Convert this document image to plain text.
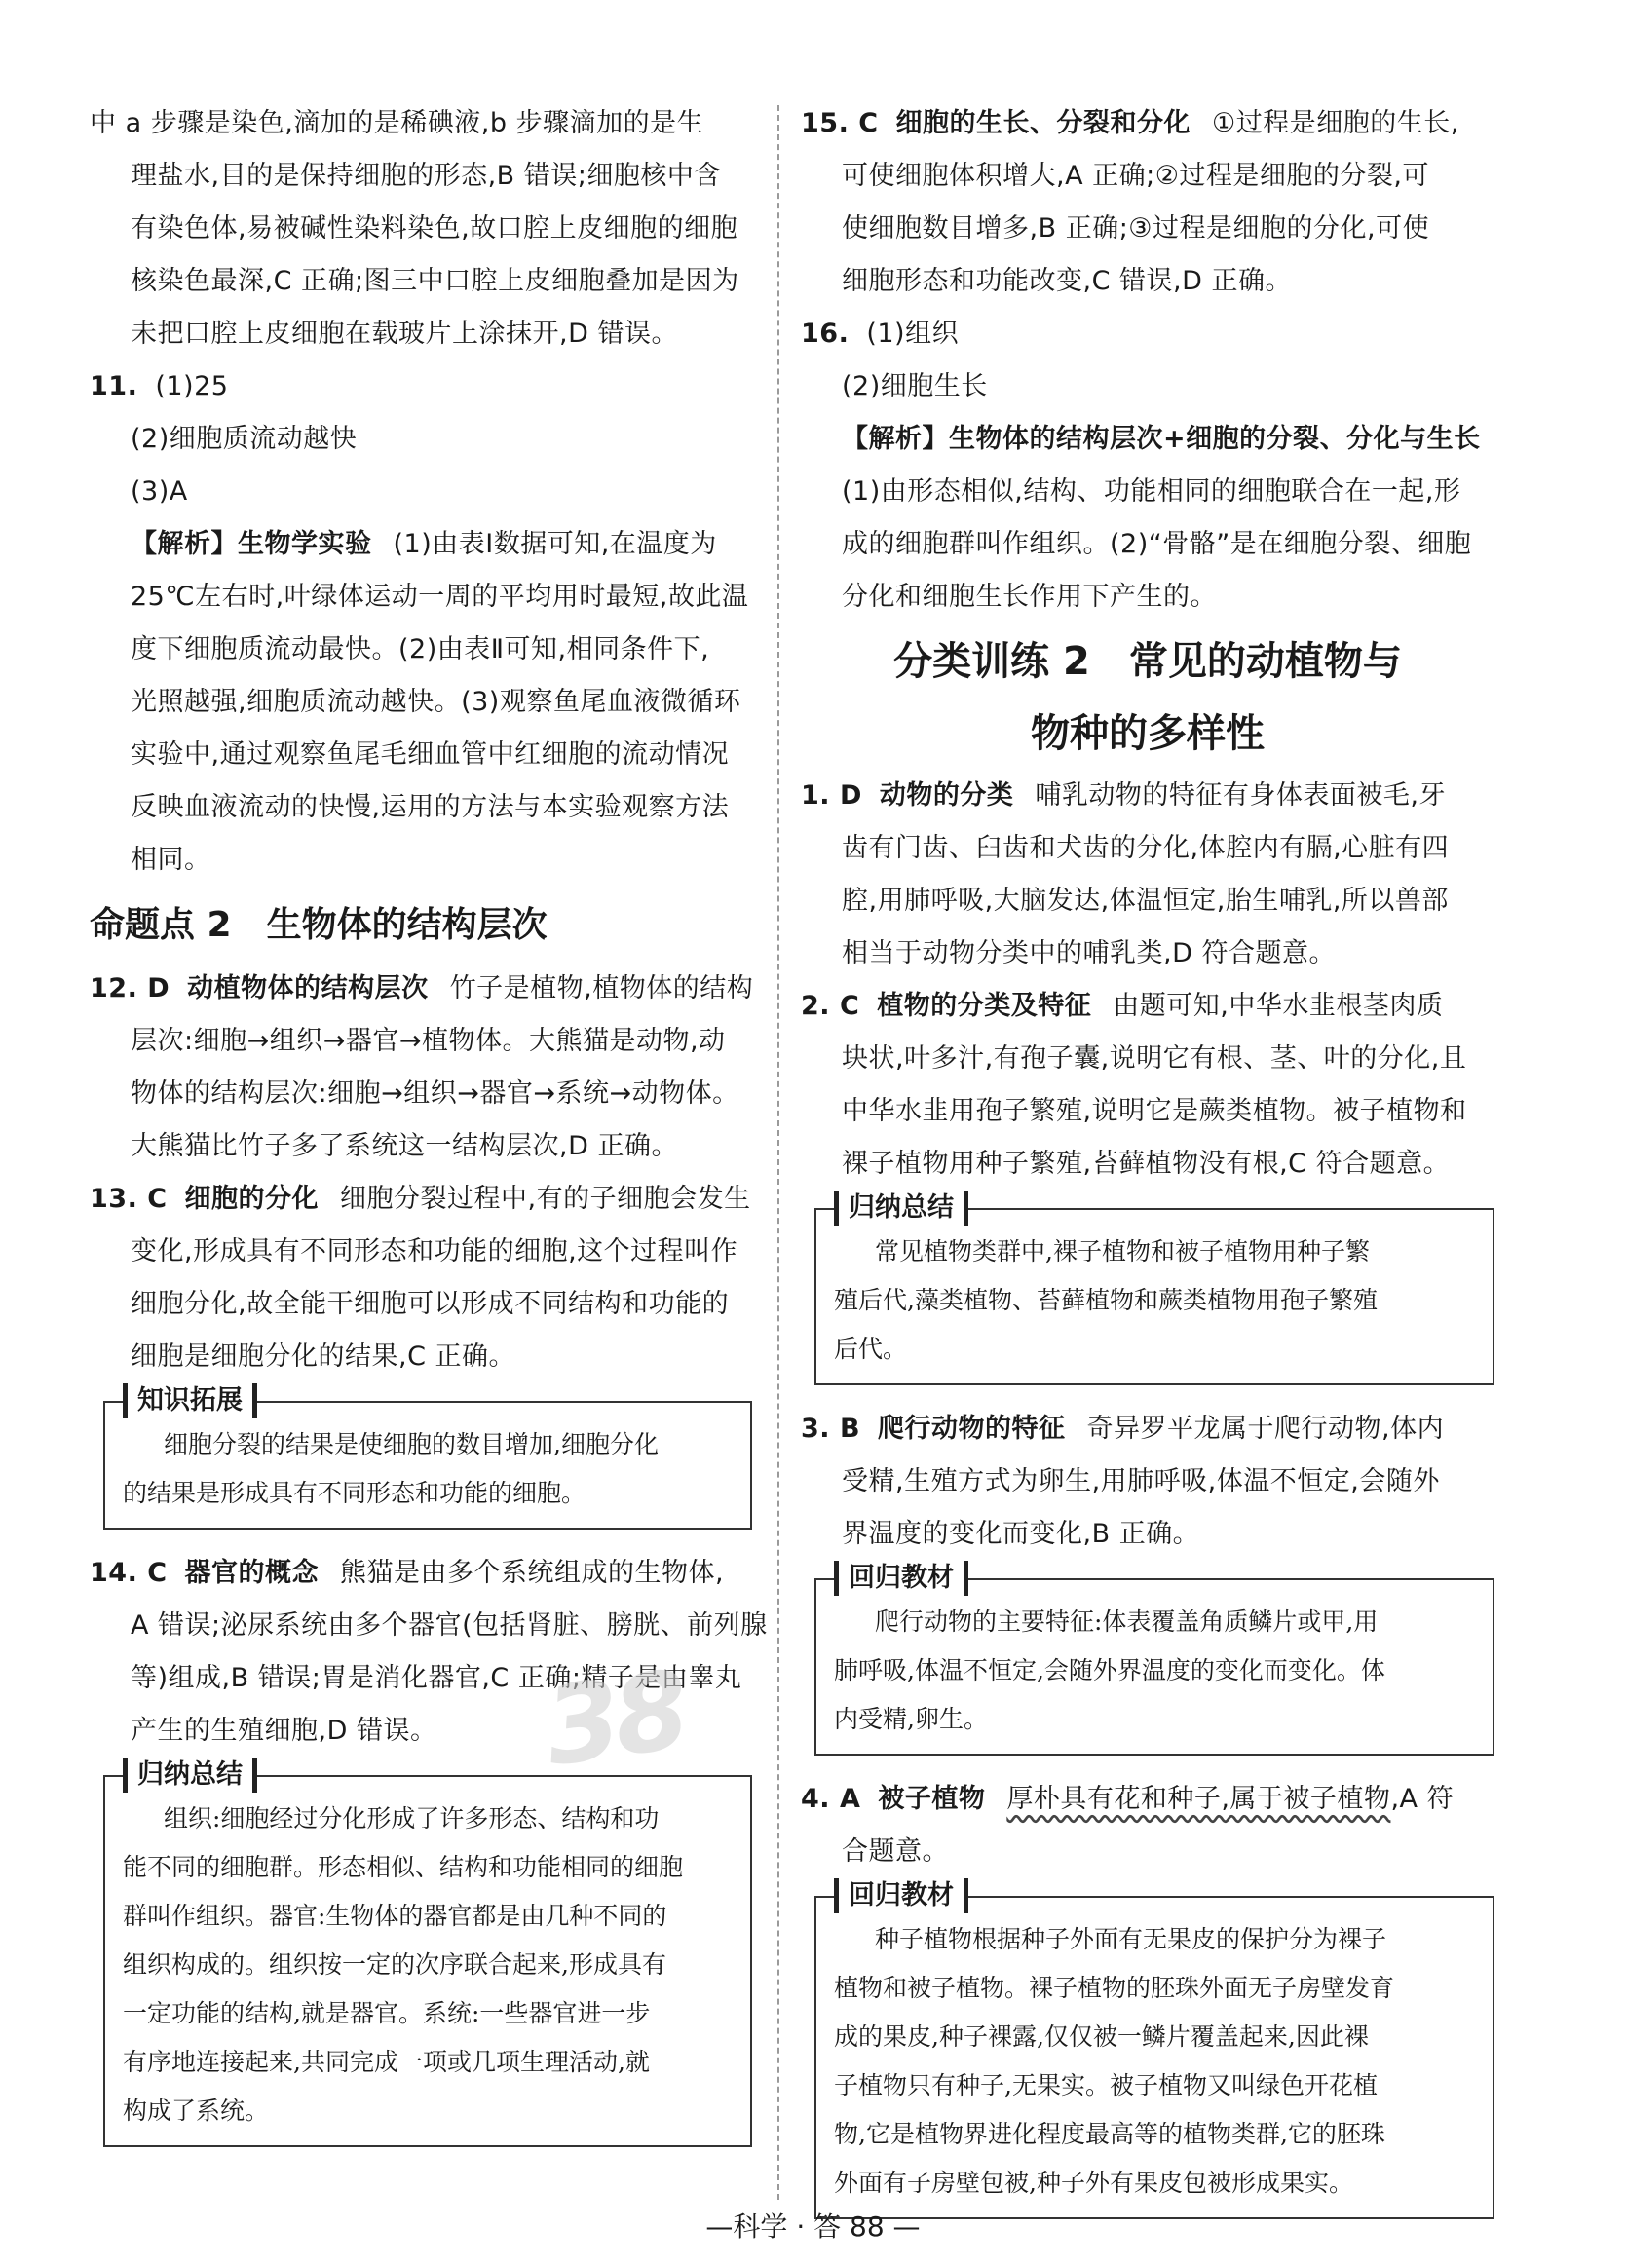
中 a 步骤是染色,滴加的是稀碘液,b 步骤滴加的是生

理盐水,目的是保持细胞的形态,B 错误;细胞核中含

有染色体,易被碱性染料染色,故口腔上皮细胞的细胞

核染色最深,C 正确;图三中口腔上皮细胞叠加是因为

未把口腔上皮细胞在载玻片上涂抹开,D 错误。

11. (1)25

(2)细胞质流动越快

(3)A

【解析】生物学实验 (1)由表Ⅰ数据可知,在温度为

25℃左右时,叶绿体运动一周的平均用时最短,故此温

度下细胞质流动最快。(2)由表Ⅱ可知,相同条件下,

光照越强,细胞质流动越快。(3)观察鱼尾血液微循环

实验中,通过观察鱼尾毛细血管中红细胞的流动情况

反映血液流动的快慢,运用的方法与本实验观察方法

相同。

命题点 2　生物体的结构层次

12. D 动植物体的结构层次 竹子是植物,植物体的结构

层次:细胞→组织→器官→植物体。大熊猫是动物,动

物体的结构层次:细胞→组织→器官→系统→动物体。

大熊猫比竹子多了系统这一结构层次,D 正确。

13. C 细胞的分化 细胞分裂过程中,有的子细胞会发生

变化,形成具有不同形态和功能的细胞,这个过程叫作

细胞分化,故全能干细胞可以形成不同结构和功能的

细胞是细胞分化的结果,C 正确。

知识拓展

细胞分裂的结果是使细胞的数目增加,细胞分化

的结果是形成具有不同形态和功能的细胞。

14. C 器官的概念 熊猫是由多个系统组成的生物体,

A 错误;泌尿系统由多个器官(包括肾脏、膀胱、前列腺

等)组成,B 错误;胃是消化器官,C 正确;精子是由睾丸

产生的生殖细胞,D 错误。

归纳总结

组织:细胞经过分化形成了许多形态、结构和功

能不同的细胞群。形态相似、结构和功能相同的细胞

群叫作组织。器官:生物体的器官都是由几种不同的

组织构成的。组织按一定的次序联合起来,形成具有

一定功能的结构,就是器官。系统:一些器官进一步

有序地连接起来,共同完成一项或几项生理活动,就

构成了系统。

15. C 细胞的生长、分裂和分化 ①过程是细胞的生长,

可使细胞体积增大,A 正确;②过程是细胞的分裂,可

使细胞数目增多,B 正确;③过程是细胞的分化,可使

细胞形态和功能改变,C 错误,D 正确。

16. (1)组织

(2)细胞生长

【解析】生物体的结构层次+细胞的分裂、分化与生长

(1)由形态相似,结构、功能相同的细胞联合在一起,形

成的细胞群叫作组织。(2)“骨骼”是在细胞分裂、细胞

分化和细胞生长作用下产生的。

分类训练 2　常见的动植物与
物种的多样性

1. D 动物的分类 哺乳动物的特征有身体表面被毛,牙

齿有门齿、臼齿和犬齿的分化,体腔内有膈,心脏有四

腔,用肺呼吸,大脑发达,体温恒定,胎生哺乳,所以兽部

相当于动物分类中的哺乳类,D 符合题意。

2. C 植物的分类及特征 由题可知,中华水韭根茎肉质

块状,叶多汁,有孢子囊,说明它有根、茎、叶的分化,且

中华水韭用孢子繁殖,说明它是蕨类植物。被子植物和

裸子植物用种子繁殖,苔藓植物没有根,C 符合题意。

归纳总结

常见植物类群中,裸子植物和被子植物用种子繁

殖后代,藻类植物、苔藓植物和蕨类植物用孢子繁殖

后代。

3. B 爬行动物的特征 奇异罗平龙属于爬行动物,体内

受精,生殖方式为卵生,用肺呼吸,体温不恒定,会随外

界温度的变化而变化,B 正确。

回归教材

爬行动物的主要特征:体表覆盖角质鳞片或甲,用

肺呼吸,体温不恒定,会随外界温度的变化而变化。体

内受精,卵生。

4. A 被子植物 厚朴具有花和种子,属于被子植物,A 符

合题意。

回归教材

种子植物根据种子外面有无果皮的保护分为裸子

植物和被子植物。裸子植物的胚珠外面无子房壁发育

成的果皮,种子裸露,仅仅被一鳞片覆盖起来,因此裸

子植物只有种子,无果实。被子植物又叫绿色开花植

物,它是植物界进化程度最高等的植物类群,它的胚珠

外面有子房壁包被,种子外有果皮包被形成果实。

38
—科学 · 答 88 —
